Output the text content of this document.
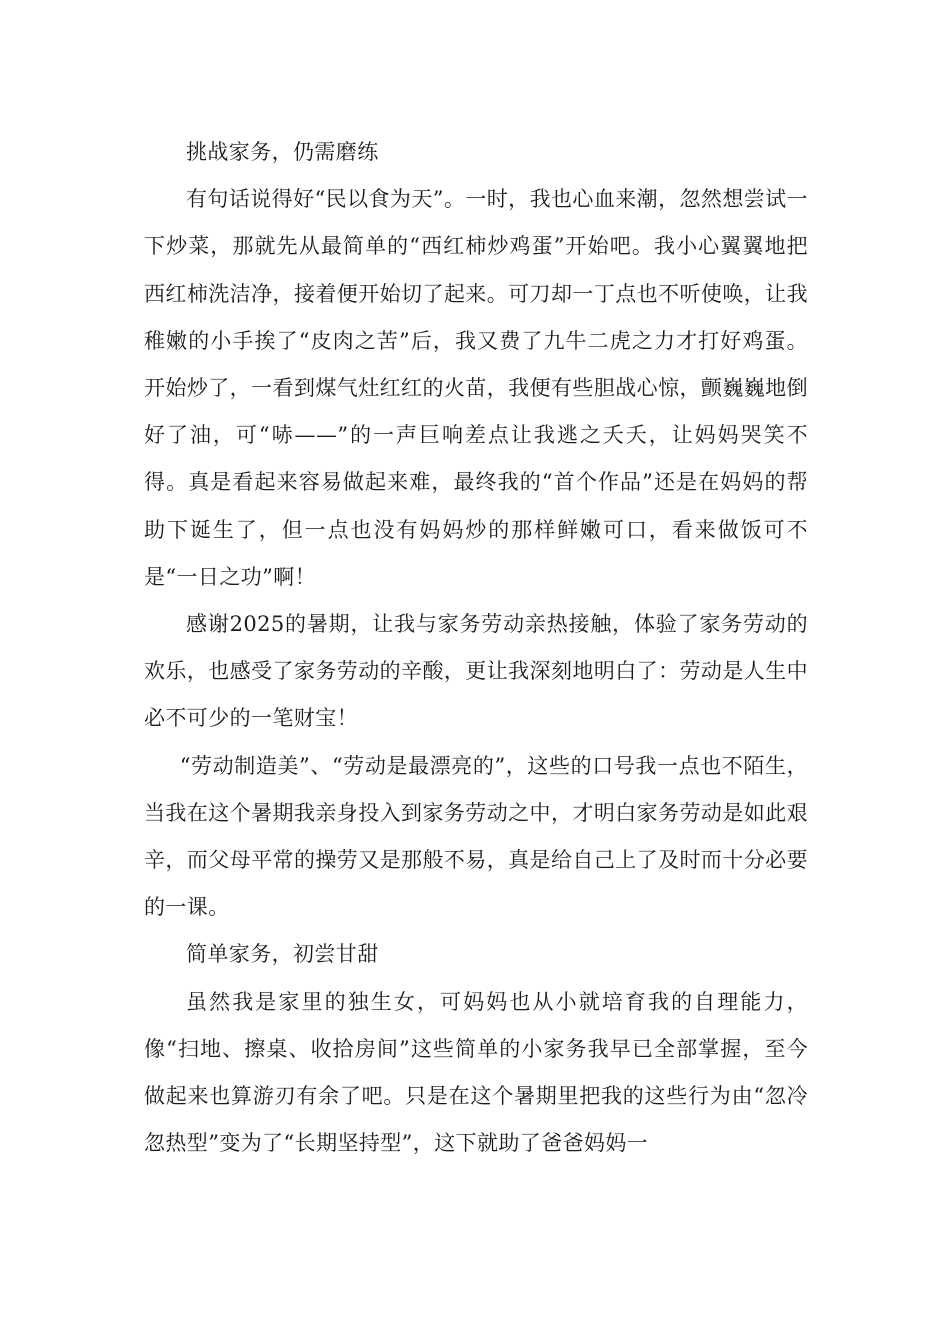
挑战家务，仍需磨练

有句话说得好“民以食为天”。一时，我也心血来潮，忽然想尝试一下炒菜，那就先从最简单的“西红柿炒鸡蛋”开始吧。我小心翼翼地把西红柿洗洁净，接着便开始切了起来。可刀却一丁点也不听使唤，让我稚嫩的小手挨了“皮肉之苦”后，我又费了九牛二虎之力才打好鸡蛋。开始炒了，一看到煤气灶红红的火苗，我便有些胆战心惊，颤巍巍地倒好了油，可“哧——”的一声巨响差点让我逃之夭夭，让妈妈哭笑不得。真是看起来容易做起来难，最终我的“首个作品”还是在妈妈的帮助下诞生了，但一点也没有妈妈炒的那样鲜嫩可口，看来做饭可不是“一日之功”啊！

感谢2025的暑期，让我与家务劳动亲热接触，体验了家务劳动的欢乐，也感受了家务劳动的辛酸，更让我深刻地明白了：劳动是人生中必不可少的一笔财宝！

“劳动制造美”、“劳动是最漂亮的”，这些的口号我一点也不陌生，当我在这个暑期我亲身投入到家务劳动之中，才明白家务劳动是如此艰辛，而父母平常的操劳又是那般不易，真是给自己上了及时而十分必要的一课。

简单家务，初尝甘甜

虽然我是家里的独生女，可妈妈也从小就培育我的自理能力，像“扫地、擦桌、收拾房间”这些简单的小家务我早已全部掌握，至今做起来也算游刃有余了吧。只是在这个暑期里把我的这些行为由“忽冷忽热型”变为了“长期坚持型”，这下就助了爸爸妈妈一
